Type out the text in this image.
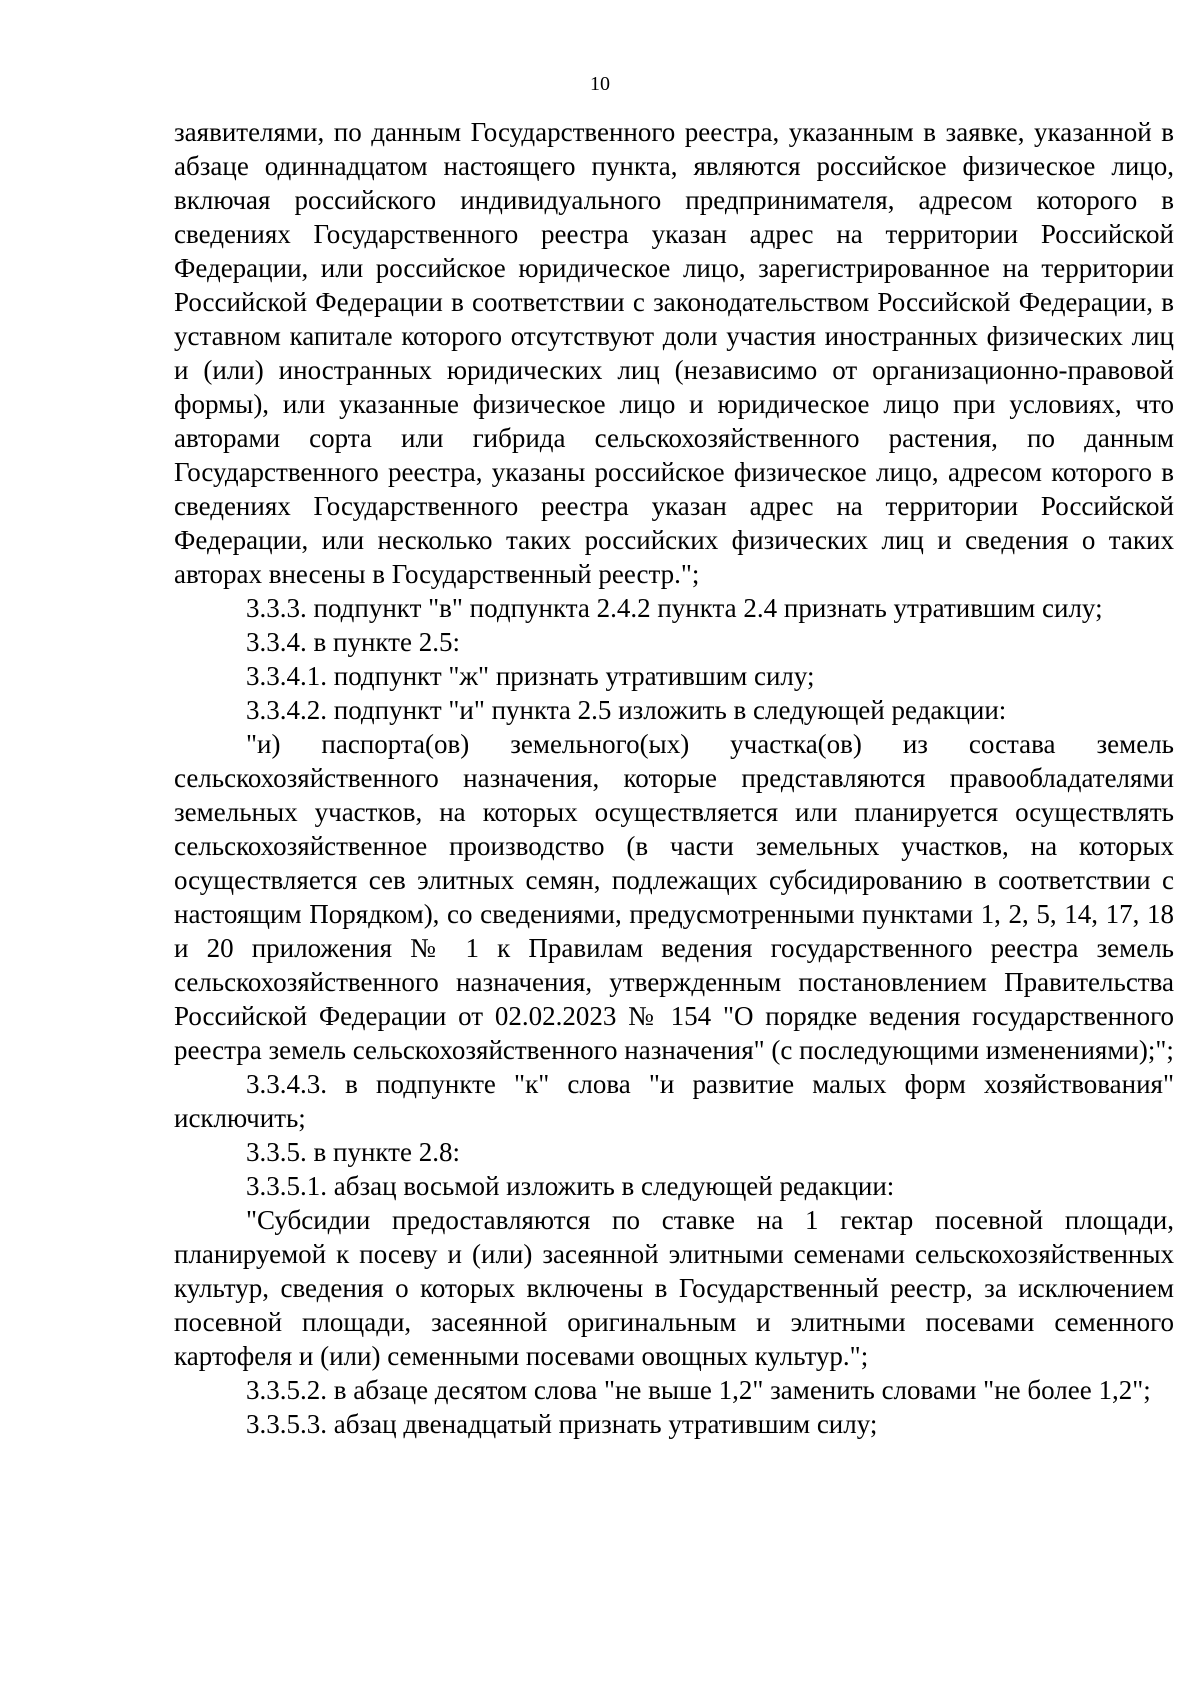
10

заявителями, по данным Государственного реестра, указанным в заявке, указанной в абзаце одиннадцатом настоящего пункта, являются российское физическое лицо, включая российского индивидуального предпринимателя, адресом которого в сведениях Государственного реестра указан адрес на территории Российской Федерации, или российское юридическое лицо, зарегистрированное на территории Российской Федерации в соответствии с законодательством Российской Федерации, в уставном капитале которого отсутствуют доли участия иностранных физических лиц и (или) иностранных юридических лиц (независимо от организационно-правовой формы), или указанные физическое лицо и юридическое лицо при условиях, что авторами сорта или гибрида сельскохозяйственного растения, по данным Государственного реестра, указаны российское физическое лицо, адресом которого в сведениях Государственного реестра указан адрес на территории Российской Федерации, или несколько таких российских физических лиц и сведения о таких авторах внесены в Государственный реестр.";

3.3.3. подпункт "в" подпункта 2.4.2 пункта 2.4 признать утратившим силу;

3.3.4. в пункте 2.5:

3.3.4.1. подпункт "ж" признать утратившим силу;

3.3.4.2. подпункт "и" пункта 2.5 изложить в следующей редакции:

"и) паспорта(ов) земельного(ых) участка(ов) из состава земель сельскохозяйственного назначения, которые представляются правообладателями земельных участков, на которых осуществляется или планируется осуществлять сельскохозяйственное производство (в части земельных участков, на которых осуществляется сев элитных семян, подлежащих субсидированию в соответствии с настоящим Порядком), со сведениями, предусмотренными пунктами 1, 2, 5, 14, 17, 18 и 20 приложения № 1 к Правилам ведения государственного реестра земель сельскохозяйственного назначения, утвержденным постановлением Правительства Российской Федерации от 02.02.2023 № 154 "О порядке ведения государственного реестра земель сельскохозяйственного назначения" (с последующими изменениями);";

3.3.4.3. в подпункте "к" слова "и развитие малых форм хозяйствования" исключить;

3.3.5. в пункте 2.8:

3.3.5.1. абзац восьмой изложить в следующей редакции:

"Субсидии предоставляются по ставке на 1 гектар посевной площади, планируемой к посеву и (или) засеянной элитными семенами сельскохозяйственных культур, сведения о которых включены в Государственный реестр, за исключением посевной площади, засеянной оригинальным и элитными посевами семенного картофеля и (или) семенными посевами овощных культур.";

3.3.5.2. в абзаце десятом слова "не выше 1,2" заменить словами "не более 1,2";

3.3.5.3. абзац двенадцатый признать утратившим силу;
